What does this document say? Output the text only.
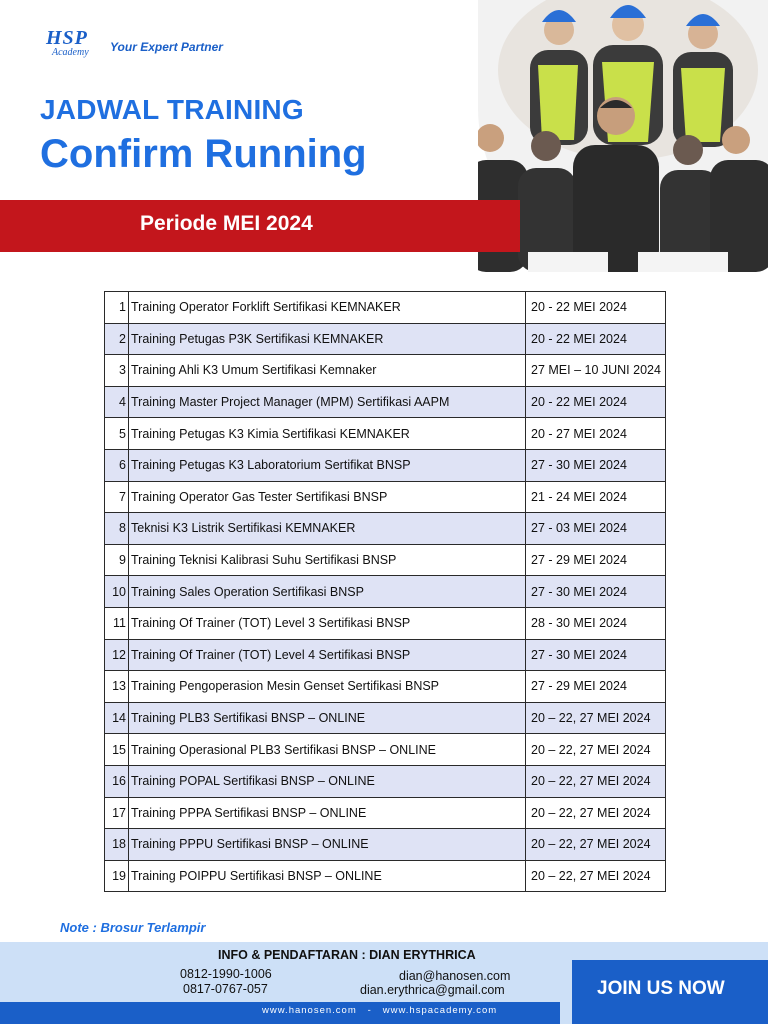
HSP
Academy	Your Expert Partner
JADWAL TRAINING
Confirm Running
Periode MEI 2024
1	Training Operator Forklift Sertifikasi KEMNAKER	20 - 22 MEI 2024
2	Training Petugas P3K Sertifikasi KEMNAKER	20 - 22 MEI 2024
3	Training Ahli K3 Umum Sertifikasi Kemnaker	27 MEI – 10 JUNI 2024
4	Training Master Project Manager (MPM) Sertifikasi AAPM	20 - 22 MEI 2024
5	Training Petugas K3 Kimia Sertifikasi KEMNAKER	20 - 27 MEI 2024
6	Training Petugas K3 Laboratorium Sertifikat BNSP	27 - 30 MEI 2024
7	Training Operator Gas Tester Sertifikasi BNSP	21 - 24 MEI 2024
8	Teknisi K3 Listrik Sertifikasi KEMNAKER	27 - 03 MEI 2024
9	Training Teknisi Kalibrasi Suhu Sertifikasi BNSP	27 - 29 MEI 2024
10	Training Sales Operation Sertifikasi BNSP	27 - 30 MEI 2024
11	Training Of Trainer (TOT) Level 3 Sertifikasi BNSP	28 - 30 MEI 2024
12	Training Of Trainer (TOT) Level 4 Sertifikasi BNSP	27 - 30 MEI 2024
13	Training Pengoperasion Mesin Genset Sertifikasi BNSP	27 - 29 MEI 2024
14	Training PLB3 Sertifikasi BNSP – ONLINE	20 – 22, 27 MEI 2024
15	Training Operasional PLB3 Sertifikasi BNSP – ONLINE	20 – 22, 27 MEI 2024
16	Training POPAL Sertifikasi BNSP – ONLINE	20 – 22, 27 MEI 2024
17	Training PPPA Sertifikasi BNSP – ONLINE	20 – 22, 27 MEI 2024
18	Training PPPU Sertifikasi BNSP – ONLINE	20 – 22, 27 MEI 2024
19	Training POIPPU Sertifikasi BNSP – ONLINE	20 – 22, 27 MEI 2024
Note : Brosur Terlampir
INFO & PENDAFTARAN : DIAN ERYTHRICA
0812-1990-1006
0817-0767-057
dian@hanosen.com
dian.erythrica@gmail.com
www.hanosen.com   -   www.hspacademy.com
JOIN US NOW
